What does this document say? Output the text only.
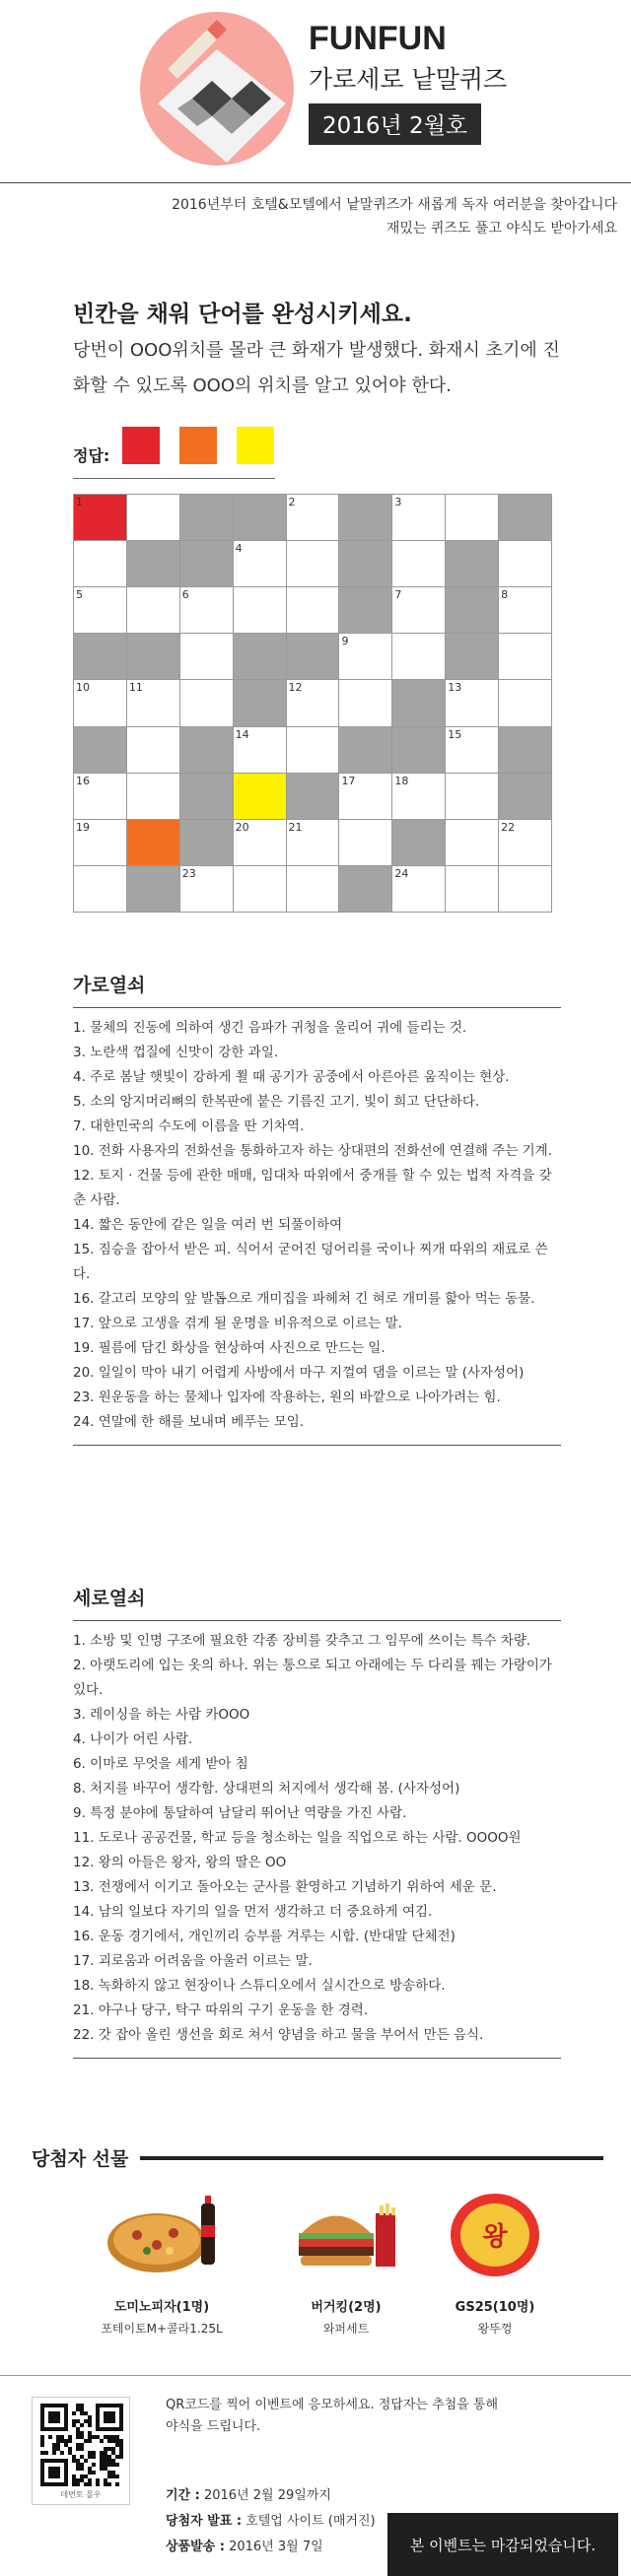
FUNFUN
가로세로 낱말퀴즈
2016년 2월호
2016년부터 호텔&모텔에서 낱말퀴즈가 새롭게 독자 여러분을 찾아갑니다
재밌는 퀴즈도 풀고 야식도 받아가세요
빈칸을 채워 단어를 완성시키세요.
당번이 OOO위치를 몰라 큰 화재가 발생했다. 화재시 초기에 진화할 수 있도록 OOO의 위치를 알고 있어야 한다.
정답:
1	2	3
4
5	6	7	8
9
10	11	12	13
14	15
16	17	18
19	20	21	22
23	24
가로열쇠
1. 물체의 진동에 의하여 생긴 음파가 귀청을 울리어 귀에 들리는 것.
3. 노란색 껍질에 신맛이 강한 과일.
4. 주로 봄날 햇빛이 강하게 쬘 때 공기가 공중에서 아른아른 움직이는 현상.
5. 소의 앙지머리뼈의 한복판에 붙은 기름진 고기. 빛이 희고 단단하다.
7. 대한민국의 수도에 이름을 딴 기차역.
10. 전화 사용자의 전화선을 통화하고자 하는 상대편의 전화선에 연결해 주는 기계.
12. 토지 · 건물 등에 관한 매매, 임대차 따위에서 중개를 할 수 있는 법적 자격을 갖춘 사람.
14. 짧은 동안에 같은 일을 여러 번 되풀이하여
15. 짐승을 잡아서 받은 피. 식어서 굳어진 덩어리를 국이나 찌개 따위의 재료로 쓴다.
16. 갈고리 모양의 앞 발톱으로 개미집을 파헤쳐 긴 혀로 개미를 핥아 먹는 동물.
17. 앞으로 고생을 겪게 될 운명을 비유적으로 이르는 말.
19. 필름에 담긴 화상을 현상하여 사진으로 만드는 일.
20. 일일이 막아 내기 어렵게 사방에서 마구 지껄여 댐을 이르는 말 (사자성어)
23. 원운동을 하는 물체나 입자에 작용하는, 원의 바깥으로 나아가려는 힘.
24. 연말에 한 해를 보내며 베푸는 모임.
세로열쇠
1. 소방 및 인명 구조에 필요한 각종 장비를 갖추고 그 임무에 쓰이는 특수 차량.
2. 아랫도리에 입는 옷의 하나. 위는 통으로 되고 아래에는 두 다리를 꿰는 가랑이가 있다.
3. 레이싱을 하는 사람 카OOO
4. 나이가 어린 사람.
6. 이마로 무엇을 세게 받아 침
8. 처지를 바꾸어 생각함. 상대편의 처지에서 생각해 봄. (사자성어)
9. 특정 분야에 통달하여 남달리 뛰어난 역량을 가진 사람.
11. 도로나 공공건물, 학교 등을 청소하는 일을 직업으로 하는 사람. OOOO원
12. 왕의 아들은 왕자, 왕의 딸은 OO
13. 전쟁에서 이기고 돌아오는 군사를 환영하고 기념하기 위하여 세운 문.
14. 남의 일보다 자기의 일을 먼저 생각하고 더 중요하게 여김.
16. 운동 경기에서, 개인끼리 승부를 겨루는 시합. (반대말 단체전)
17. 괴로움과 어려움을 아울러 이르는 말.
18. 녹화하지 않고 현장이나 스튜디오에서 실시간으로 방송하다.
21. 야구나 당구, 탁구 따위의 구기 운동을 한 경력.
22. 갓 잡아 올린 생선을 회로 쳐서 양념을 하고 물을 부어서 만든 음식.
당첨자 선물
도미노피자(1명)
포테이토M+콜라1.25L
버거킹(2명)
와퍼세트
왕
GS25(10명)
왕뚜껑
데번토 몰우
QR코드를 찍어 이벤트에 응모하세요. 정답자는 추첨을 통해 야식을 드립니다.
기간 : 2016년 2월 29일까지
당첨자 발표 : 호텔업 사이트 (매거진)
상품발송 : 2016년 3월 7일	본 이벤트는 마감되었습니다.
